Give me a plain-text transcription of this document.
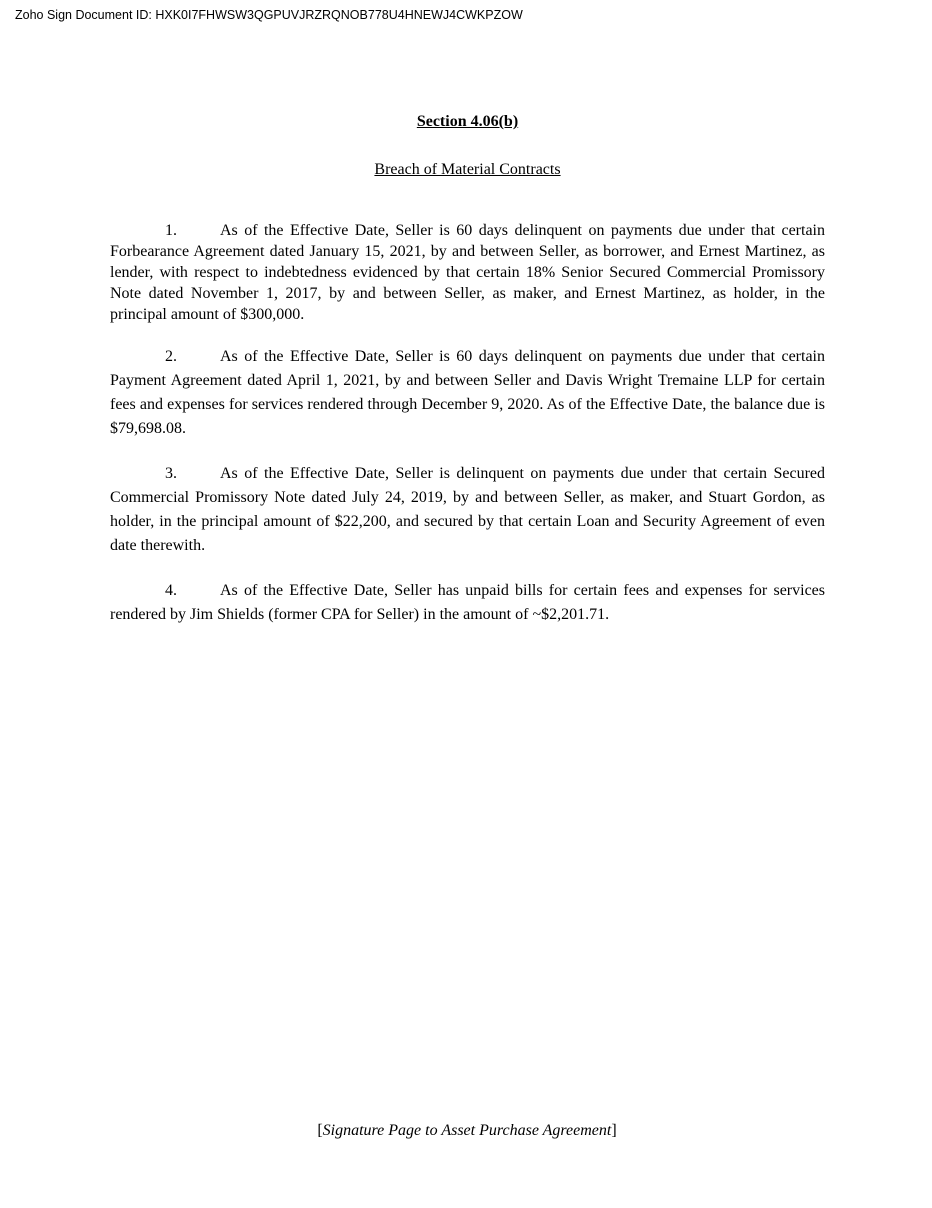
Zoho Sign Document ID: HXK0I7FHWSW3QGPUVJRZRQNOB778U4HNEWJ4CWKPZOW

Section 4.06(b)

Breach of Material Contracts

1.	As of the Effective Date, Seller is 60 days delinquent on payments due under that certain Forbearance Agreement dated January 15, 2021, by and between Seller, as borrower, and Ernest Martinez, as lender, with respect to indebtedness evidenced by that certain 18% Senior Secured Commercial Promissory Note dated November 1, 2017, by and between Seller, as maker, and Ernest Martinez, as holder, in the principal amount of $300,000.

2.	As of the Effective Date, Seller is 60 days delinquent on payments due under that certain Payment Agreement dated April 1, 2021, by and between Seller and Davis Wright Tremaine LLP for certain fees and expenses for services rendered through December 9, 2020. As of the Effective Date, the balance due is $79,698.08.

3.	As of the Effective Date, Seller is delinquent on payments due under that certain Secured Commercial Promissory Note dated July 24, 2019, by and between Seller, as maker, and Stuart Gordon, as holder, in the principal amount of $22,200, and secured by that certain Loan and Security Agreement of even date therewith.

4.	As of the Effective Date, Seller has unpaid bills for certain fees and expenses for services rendered by Jim Shields (former CPA for Seller) in the amount of ~$2,201.71.

[Signature Page to Asset Purchase Agreement]
